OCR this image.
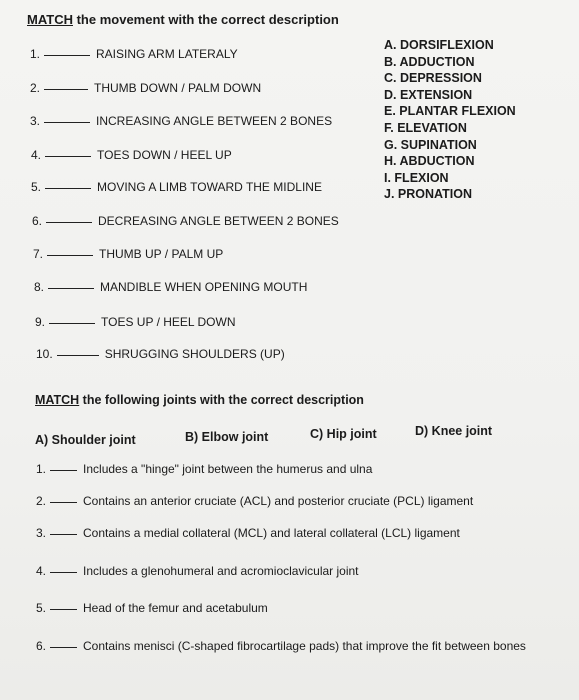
MATCH the movement with the correct description
1.	RAISING ARM LATERALY
2.	THUMB DOWN / PALM DOWN
3.	INCREASING ANGLE BETWEEN 2 BONES
4.	TOES DOWN / HEEL UP
5.	MOVING A LIMB TOWARD THE MIDLINE
6.	DECREASING ANGLE BETWEEN 2 BONES
7.	THUMB UP / PALM UP
8.	MANDIBLE WHEN OPENING MOUTH
9.	TOES UP / HEEL DOWN
10.	SHRUGGING SHOULDERS (UP)
A. DORSIFLEXION
B. ADDUCTION
C. DEPRESSION
D. EXTENSION
E. PLANTAR FLEXION
F. ELEVATION
G. SUPINATION
H. ABDUCTION
I. FLEXION
J. PRONATION
MATCH the following joints with the correct description
A) Shoulder joint	B) Elbow joint	C) Hip joint	D) Knee joint
1.	Includes a "hinge" joint between the humerus and ulna
2.	Contains an anterior cruciate (ACL) and posterior cruciate (PCL) ligament
3.	Contains a medial collateral (MCL) and lateral collateral (LCL) ligament
4.	Includes a glenohumeral and acromioclavicular joint
5.	Head of the femur and acetabulum
6.	Contains menisci (C-shaped fibrocartilage pads) that improve the fit between bones
